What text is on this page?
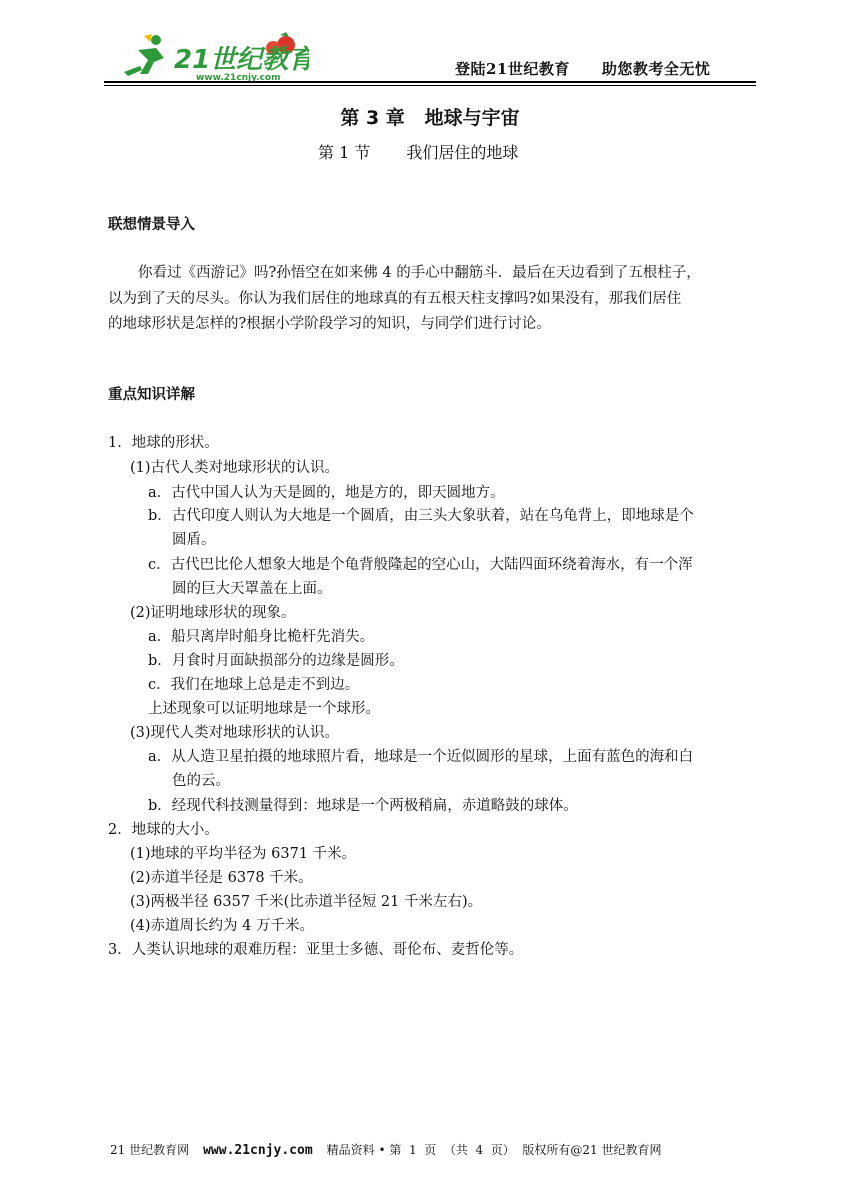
21世纪教育
www.21cnjy.com	登陆21世纪教育 助您教考全无忧
第 3 章   地球与宇宙
第 1 节 我们居住的地球
联想情景导入
你看过《西游记》吗?孙悟空在如来佛 4 的手心中翻筋斗．最后在天边看到了五根柱子，
以为到了天的尽头。你认为我们居住的地球真的有五根天柱支撑吗?如果没有，那我们居住
的地球形状是怎样的?根据小学阶段学习的知识，与同学们进行讨论。
重点知识详解
1．地球的形状。
(1)古代人类对地球形状的认识。
a．古代中国人认为天是圆的，地是方的，即天圆地方。
b．古代印度人则认为大地是一个圆盾，由三头大象驮着，站在乌龟背上，即地球是个
圆盾。
c．古代巴比伦人想象大地是个龟背般隆起的空心山，大陆四面环绕着海水，有一个浑
圆的巨大天罩盖在上面。
(2)证明地球形状的现象。
a．船只离岸时船身比桅杆先消失。
b．月食时月面缺损部分的边缘是圆形。
c．我们在地球上总是走不到边。
上述现象可以证明地球是一个球形。
(3)现代人类对地球形状的认识。
a．从人造卫星拍摄的地球照片看，地球是一个近似圆形的星球，上面有蓝色的海和白
色的云。
b．经现代科技测量得到：地球是一个两极稍扁，赤道略鼓的球体。
2．地球的大小。
(1)地球的平均半径为 6371 千米。
(2)赤道半径是 6378 千米。
(3)两极半径 6357 千米(比赤道半径短 21 千米左右)。
(4)赤道周长约为 4 万千米。
3．人类认识地球的艰难历程：亚里士多德、哥伦布、麦哲伦等。
21 世纪教育网 www.21cnjy.com 精品资料 • 第  1  页  （共  4  页）  版权所有@21 世纪教育网
